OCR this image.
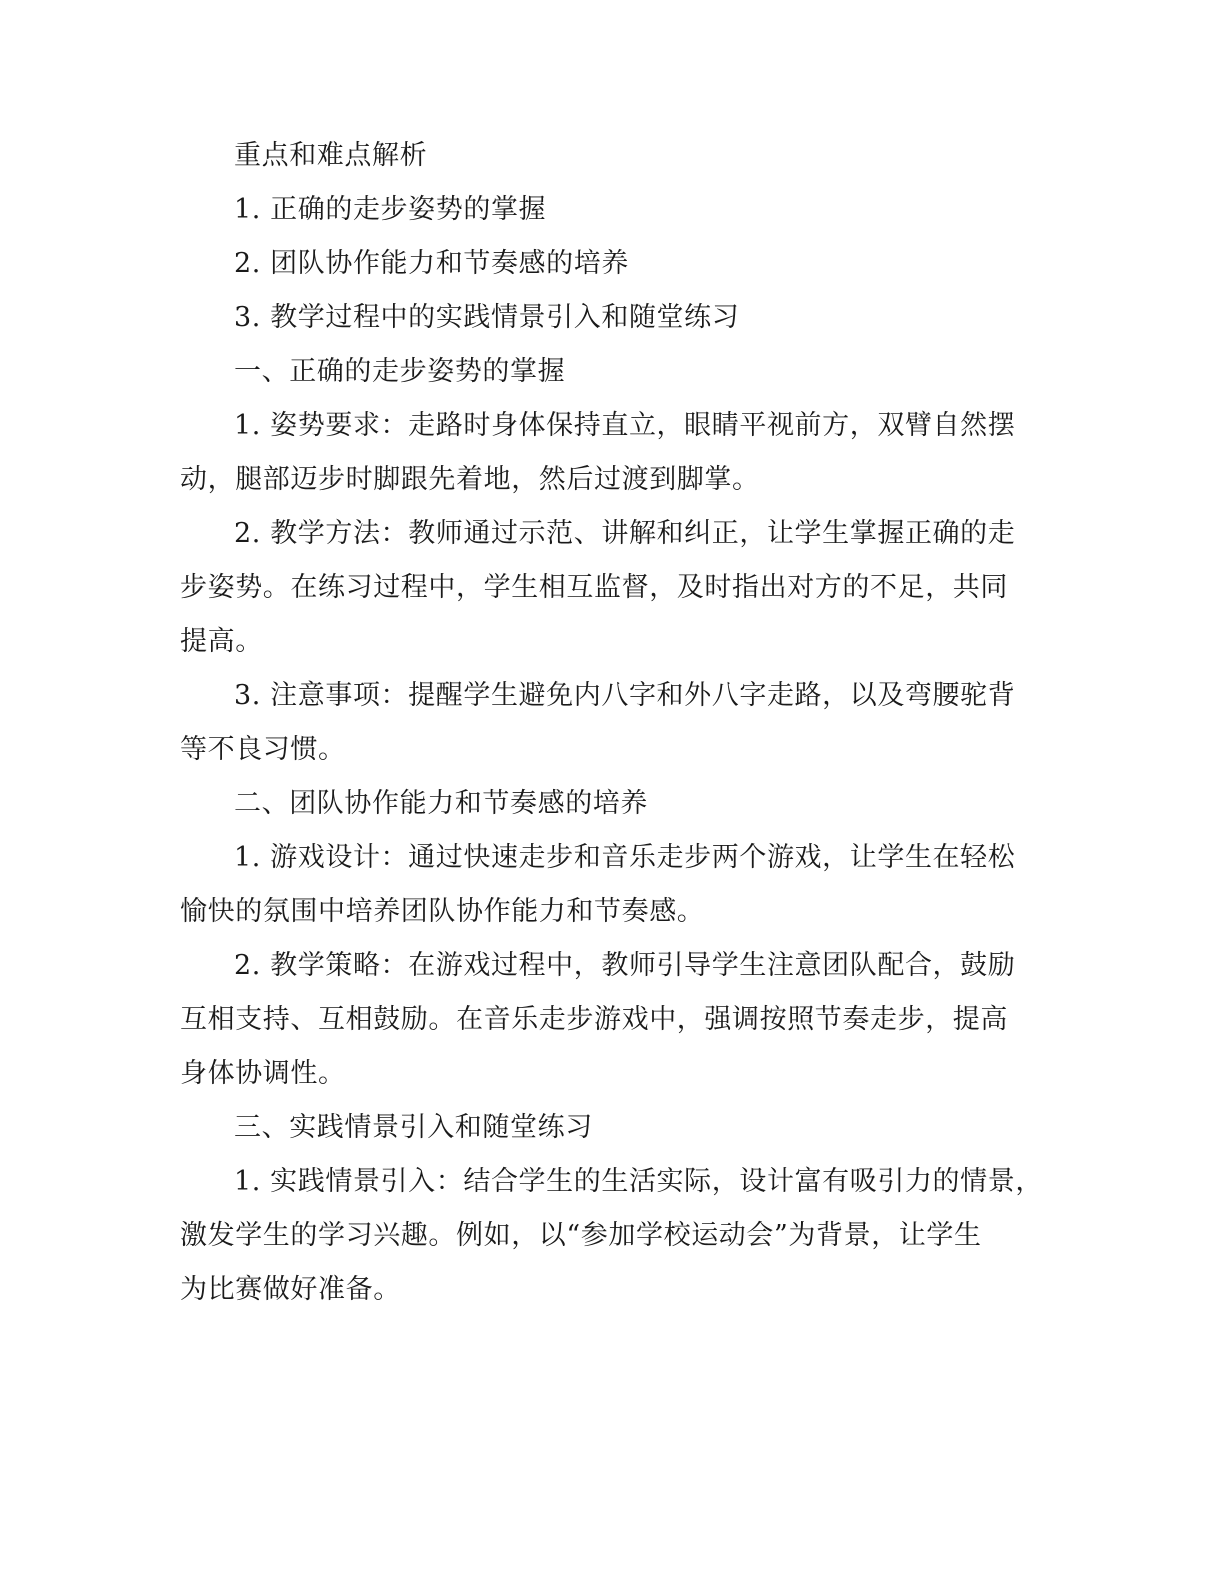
重点和难点解析
1. 正确的走步姿势的掌握
2. 团队协作能力和节奏感的培养
3. 教学过程中的实践情景引入和随堂练习
一、正确的走步姿势的掌握
1. 姿势要求：走路时身体保持直立，眼睛平视前方，双臂自然摆
动，腿部迈步时脚跟先着地，然后过渡到脚掌。
2. 教学方法：教师通过示范、讲解和纠正，让学生掌握正确的走
步姿势。在练习过程中，学生相互监督，及时指出对方的不足，共同
提高。
3. 注意事项：提醒学生避免内八字和外八字走路，以及弯腰驼背
等不良习惯。
二、团队协作能力和节奏感的培养
1. 游戏设计：通过快速走步和音乐走步两个游戏，让学生在轻松
愉快的氛围中培养团队协作能力和节奏感。
2. 教学策略：在游戏过程中，教师引导学生注意团队配合，鼓励
互相支持、互相鼓励。在音乐走步游戏中，强调按照节奏走步，提高
身体协调性。
三、实践情景引入和随堂练习
1. 实践情景引入：结合学生的生活实际，设计富有吸引力的情景，
激发学生的学习兴趣。例如，以“参加学校运动会”为背景，让学生
为比赛做好准备。
